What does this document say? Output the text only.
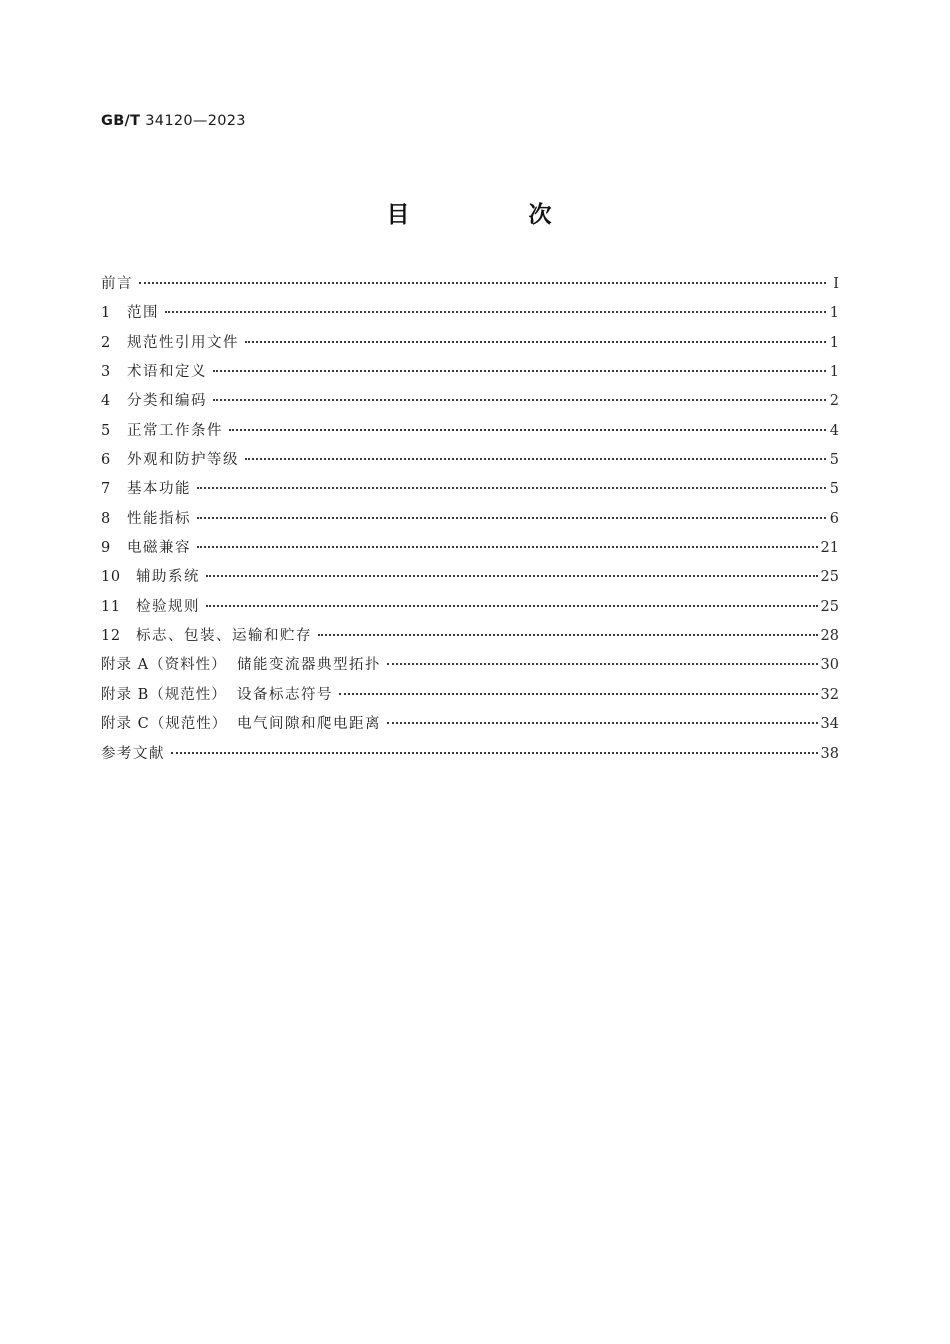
GB/T 34120—2023
目　次
前言	Ⅰ
1	范围	1
2	规范性引用文件	1
3	术语和定义	1
4	分类和编码	2
5	正常工作条件	4
6	外观和防护等级	5
7	基本功能	5
8	性能指标	6
9	电磁兼容	21
10	辅助系统	25
11	检验规则	25
12	标志、包装、运输和贮存	28
附录 A（资料性） 储能变流器典型拓扑	30
附录 B（规范性） 设备标志符号	32
附录 C（规范性） 电气间隙和爬电距离	34
参考文献	38
